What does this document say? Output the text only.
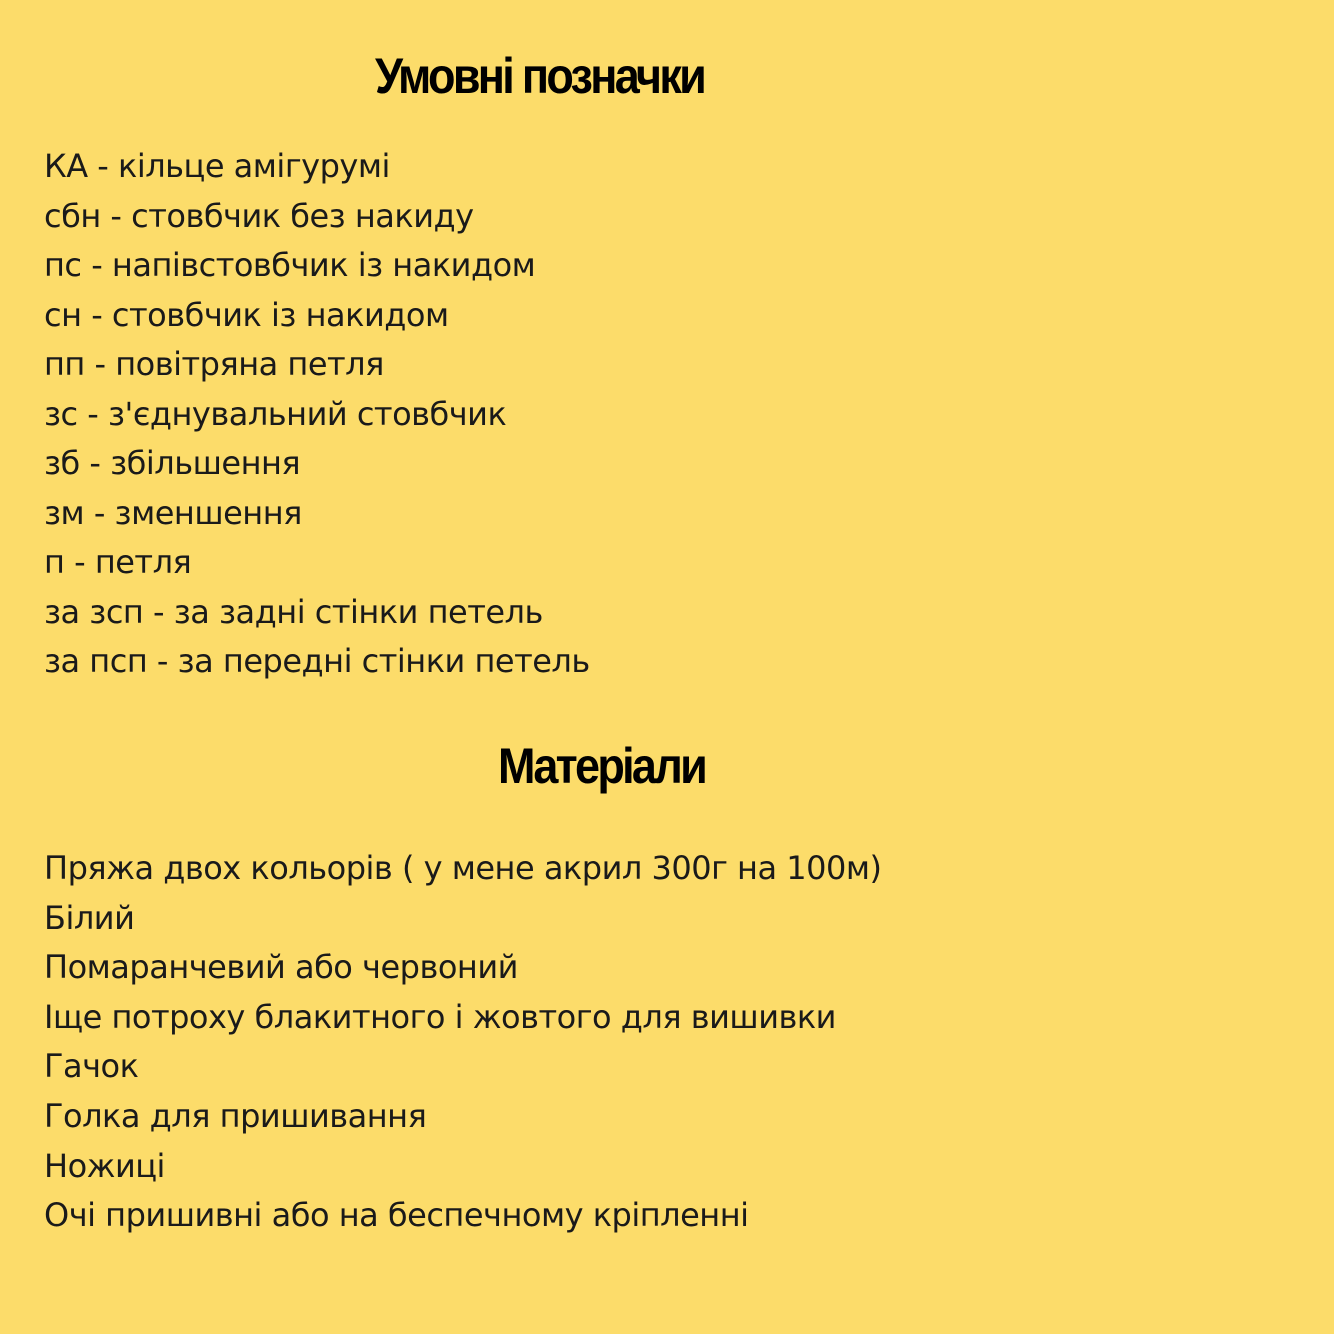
Умовні позначки
КА - кільце амігурумі
сбн - стовбчик без накиду
пс - напівстовбчик із накидом
сн - стовбчик із накидом
пп - повітряна петля
зс - з'єднувальний стовбчик
зб - збільшення
зм - зменшення
п - петля
за зсп - за задні стінки петель
за псп - за передні стінки петель
Матеріали
Пряжа двох кольорів ( у мене акрил 300г на 100м)
Білий
Помаранчевий або червоний
Іще потроху блакитного і жовтого для вишивки
Гачок
Голка для пришивання
Ножиці
Очі пришивні або на беспечному кріпленні
